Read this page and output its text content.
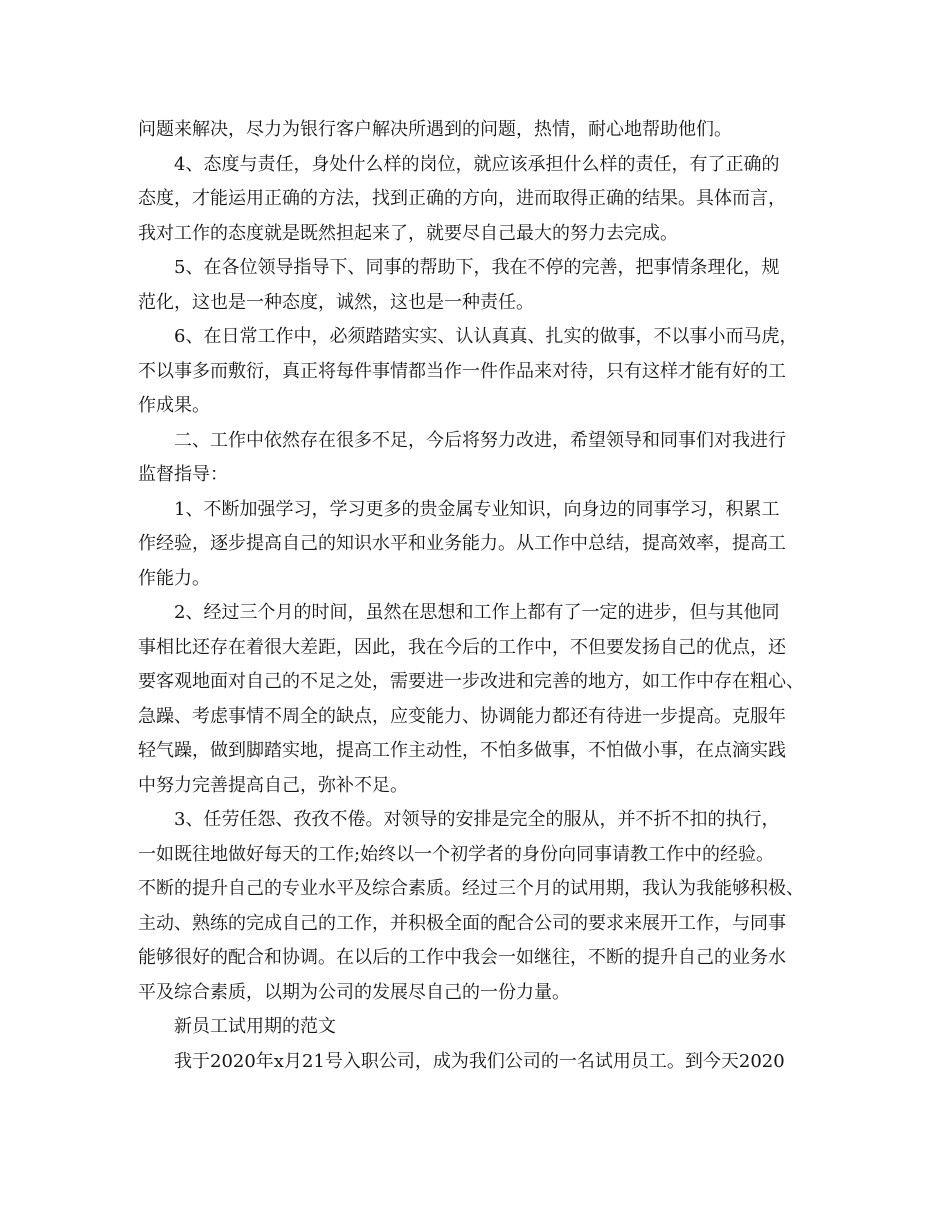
问题来解决，尽力为银行客户解决所遇到的问题，热情，耐心地帮助他们。
4、态度与责任，身处什么样的岗位，就应该承担什么样的责任，有了正确的
态度，才能运用正确的方法，找到正确的方向，进而取得正确的结果。具体而言，
我对工作的态度就是既然担起来了，就要尽自己最大的努力去完成。
5、在各位领导指导下、同事的帮助下，我在不停的完善，把事情条理化，规
范化，这也是一种态度，诚然，这也是一种责任。
6、在日常工作中，必须踏踏实实、认认真真、扎实的做事，不以事小而马虎，
不以事多而敷衍，真正将每件事情都当作一件作品来对待，只有这样才能有好的工
作成果。
二、工作中依然存在很多不足，今后将努力改进，希望领导和同事们对我进行
监督指导：
1、不断加强学习，学习更多的贵金属专业知识，向身边的同事学习，积累工
作经验，逐步提高自己的知识水平和业务能力。从工作中总结，提高效率，提高工
作能力。
2、经过三个月的时间，虽然在思想和工作上都有了一定的进步，但与其他同
事相比还存在着很大差距，因此，我在今后的工作中，不但要发扬自己的优点，还
要客观地面对自己的不足之处，需要进一步改进和完善的地方，如工作中存在粗心、
急躁、考虑事情不周全的缺点，应变能力、协调能力都还有待进一步提高。克服年
轻气躁，做到脚踏实地，提高工作主动性，不怕多做事，不怕做小事，在点滴实践
中努力完善提高自己，弥补不足。
3、任劳任怨、孜孜不倦。对领导的安排是完全的服从，并不折不扣的执行，
一如既往地做好每天的工作;始终以一个初学者的身份向同事请教工作中的经验。
不断的提升自己的专业水平及综合素质。经过三个月的试用期，我认为我能够积极、
主动、熟练的完成自己的工作，并积极全面的配合公司的要求来展开工作，与同事
能够很好的配合和协调。在以后的工作中我会一如继往，不断的提升自己的业务水
平及综合素质，以期为公司的发展尽自己的一份力量。
新员工试用期的范文
我于2020年x月21号入职公司，成为我们公司的一名试用员工。到今天2020
